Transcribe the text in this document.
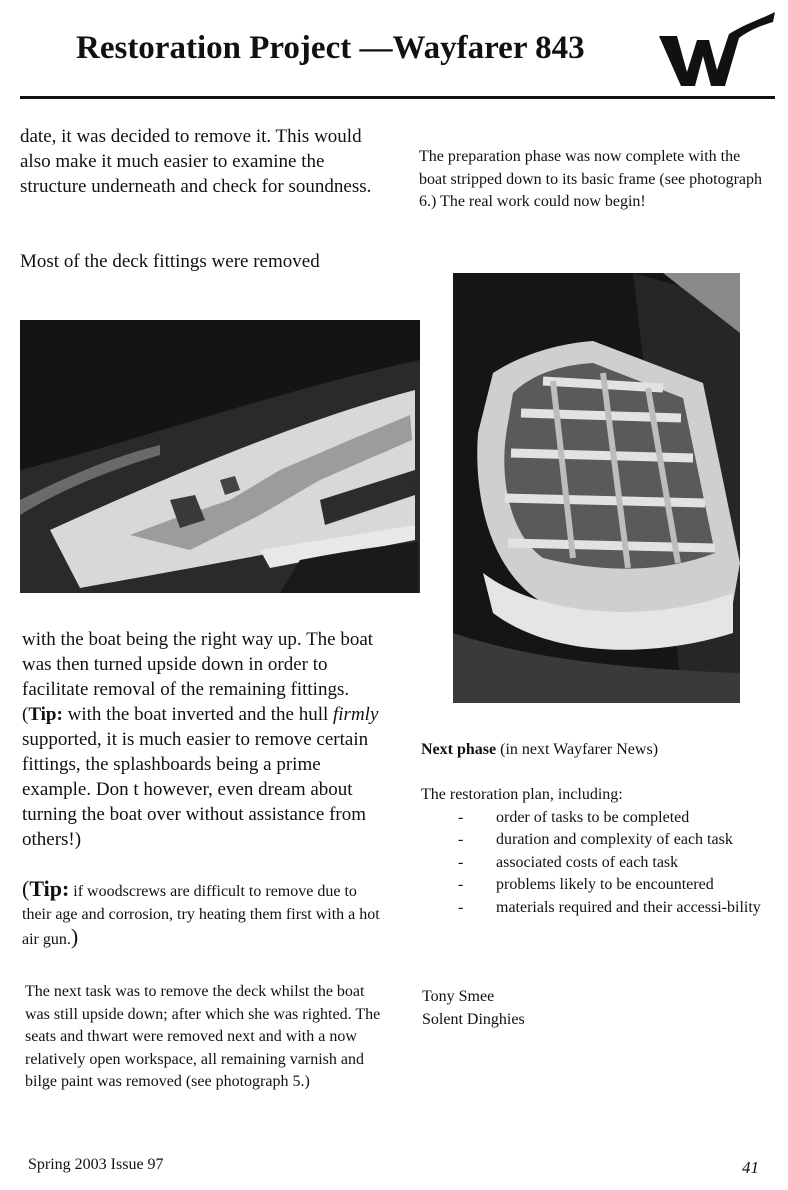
Restoration Project —Wayfarer 843
date, it was decided to remove it. This would also make it much easier to examine the structure underneath and check for soundness.
Most of the deck fittings were removed
with the boat being the right way up. The boat was then turned upside down in order to facilitate removal of the remaining fittings. (Tip: with the boat inverted and the hull firmly supported, it is much easier to remove certain fittings, the splashboards being a prime example. Don t however, even dream about turning the boat over without assistance from others!)
(Tip: if woodscrews are difficult to remove due to their age and corrosion, try heating them first with a hot air gun.)
The next task was to remove the deck whilst the boat was still upside down; after which she was righted. The seats and thwart were removed next and with a now relatively open workspace, all remaining varnish and bilge paint was removed (see photograph 5.)
The preparation phase was now complete with the boat stripped down to its basic frame (see photograph 6.) The real work could now begin!
Next phase (in next Wayfarer News)
The restoration plan, including:
- order of tasks to be completed
- duration and complexity of each task
- associated costs of each task
- problems likely to be encountered
- materials required and their accessi-bility
Tony Smee
Solent Dinghies
Spring 2003 Issue 97	41
